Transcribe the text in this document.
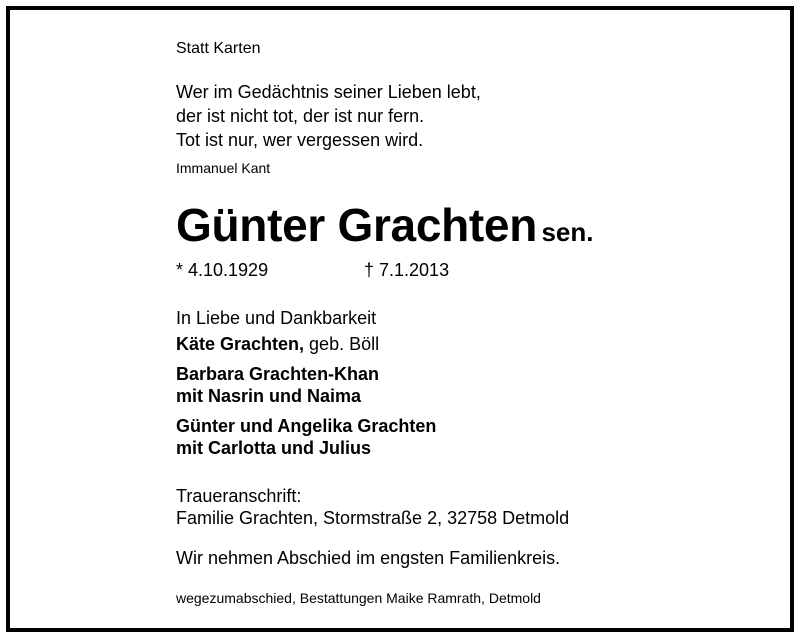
Statt Karten
Wer im Gedächtnis seiner Lieben lebt,
der ist nicht tot, der ist nur fern.
Tot ist nur, wer vergessen wird.
Immanuel Kant
Günter Grachten sen.
* 4.10.1929	† 7.1.2013
In Liebe und Dankbarkeit
Käte Grachten, geb. Böll
Barbara Grachten-Khan
mit Nasrin und Naima
Günter und Angelika Grachten
mit Carlotta und Julius
Traueranschrift:
Familie Grachten, Stormstraße 2, 32758 Detmold
Wir nehmen Abschied im engsten Familienkreis.
wegezumabschied, Bestattungen Maike Ramrath, Detmold
